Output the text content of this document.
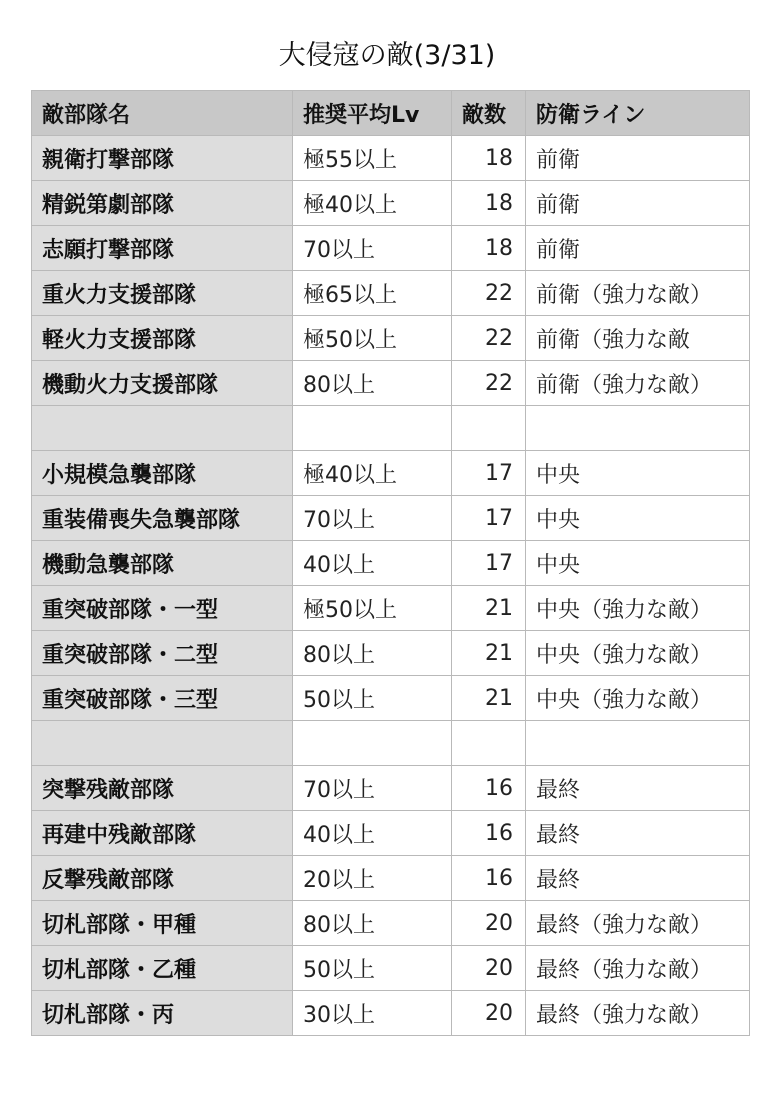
大侵寇の敵(3/31)
敵部隊名	推奨平均Lv	敵数	防衛ライン
親衛打撃部隊	極55以上	18	前衛
精鋭第劇部隊	極40以上	18	前衛
志願打撃部隊	70以上	18	前衛
重火力支援部隊	極65以上	22	前衛（強力な敵）
軽火力支援部隊	極50以上	22	前衛（強力な敵
機動火力支援部隊	80以上	22	前衛（強力な敵）

小規模急襲部隊	極40以上	17	中央
重装備喪失急襲部隊	70以上	17	中央
機動急襲部隊	40以上	17	中央
重突破部隊・一型	極50以上	21	中央（強力な敵）
重突破部隊・二型	80以上	21	中央（強力な敵）
重突破部隊・三型	50以上	21	中央（強力な敵）

突撃残敵部隊	70以上	16	最終
再建中残敵部隊	40以上	16	最終
反撃残敵部隊	20以上	16	最終
切札部隊・甲種	80以上	20	最終（強力な敵）
切札部隊・乙種	50以上	20	最終（強力な敵）
切札部隊・丙	30以上	20	最終（強力な敵）
